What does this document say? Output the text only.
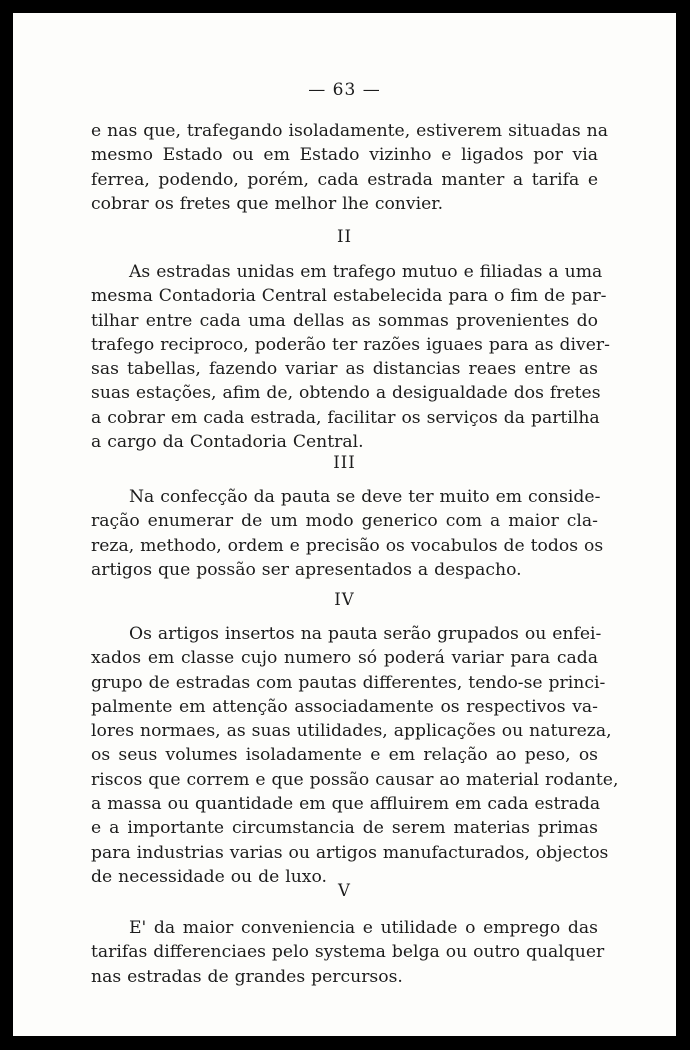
— 63 —
e nas que, trafegando isoladamente, estiverem situadas na
mesmo Estado ou em Estado vizinho e ligados por via
ferrea, podendo, porém, cada estrada manter a tarifa e
cobrar os fretes que melhor lhe convier.
II
As estradas unidas em trafego mutuo e filiadas a uma
mesma Contadoria Central estabelecida para o fim de par-
tilhar entre cada uma dellas as sommas provenientes do
trafego reciproco, poderão ter razões iguaes para as diver-
sas tabellas, fazendo variar as distancias reaes entre as
suas estações, afim de, obtendo a desigualdade dos fretes
a cobrar em cada estrada, facilitar os serviços da partilha
a cargo da Contadoria Central.
III
Na confecção da pauta se deve ter muito em conside-
ração enumerar de um modo generico com a maior cla-
reza, methodo, ordem e precisão os vocabulos de todos os
artigos que possão ser apresentados a despacho.
IV
Os artigos insertos na pauta serão grupados ou enfei-
xados em classe cujo numero só poderá variar para cada
grupo de estradas com pautas differentes, tendo-se princi-
palmente em attenção associadamente os respectivos va-
lores normaes, as suas utilidades, applicações ou natureza,
os seus volumes isoladamente e em relação ao peso, os
riscos que correm e que possão causar ao material rodante,
a massa ou quantidade em que affluirem em cada estrada
e a importante circumstancia de serem materias primas
para industrias varias ou artigos manufacturados, objectos
de necessidade ou de luxo.
V
E' da maior conveniencia e utilidade o emprego das
tarifas differenciaes pelo systema belga ou outro qualquer
nas estradas de grandes percursos.
